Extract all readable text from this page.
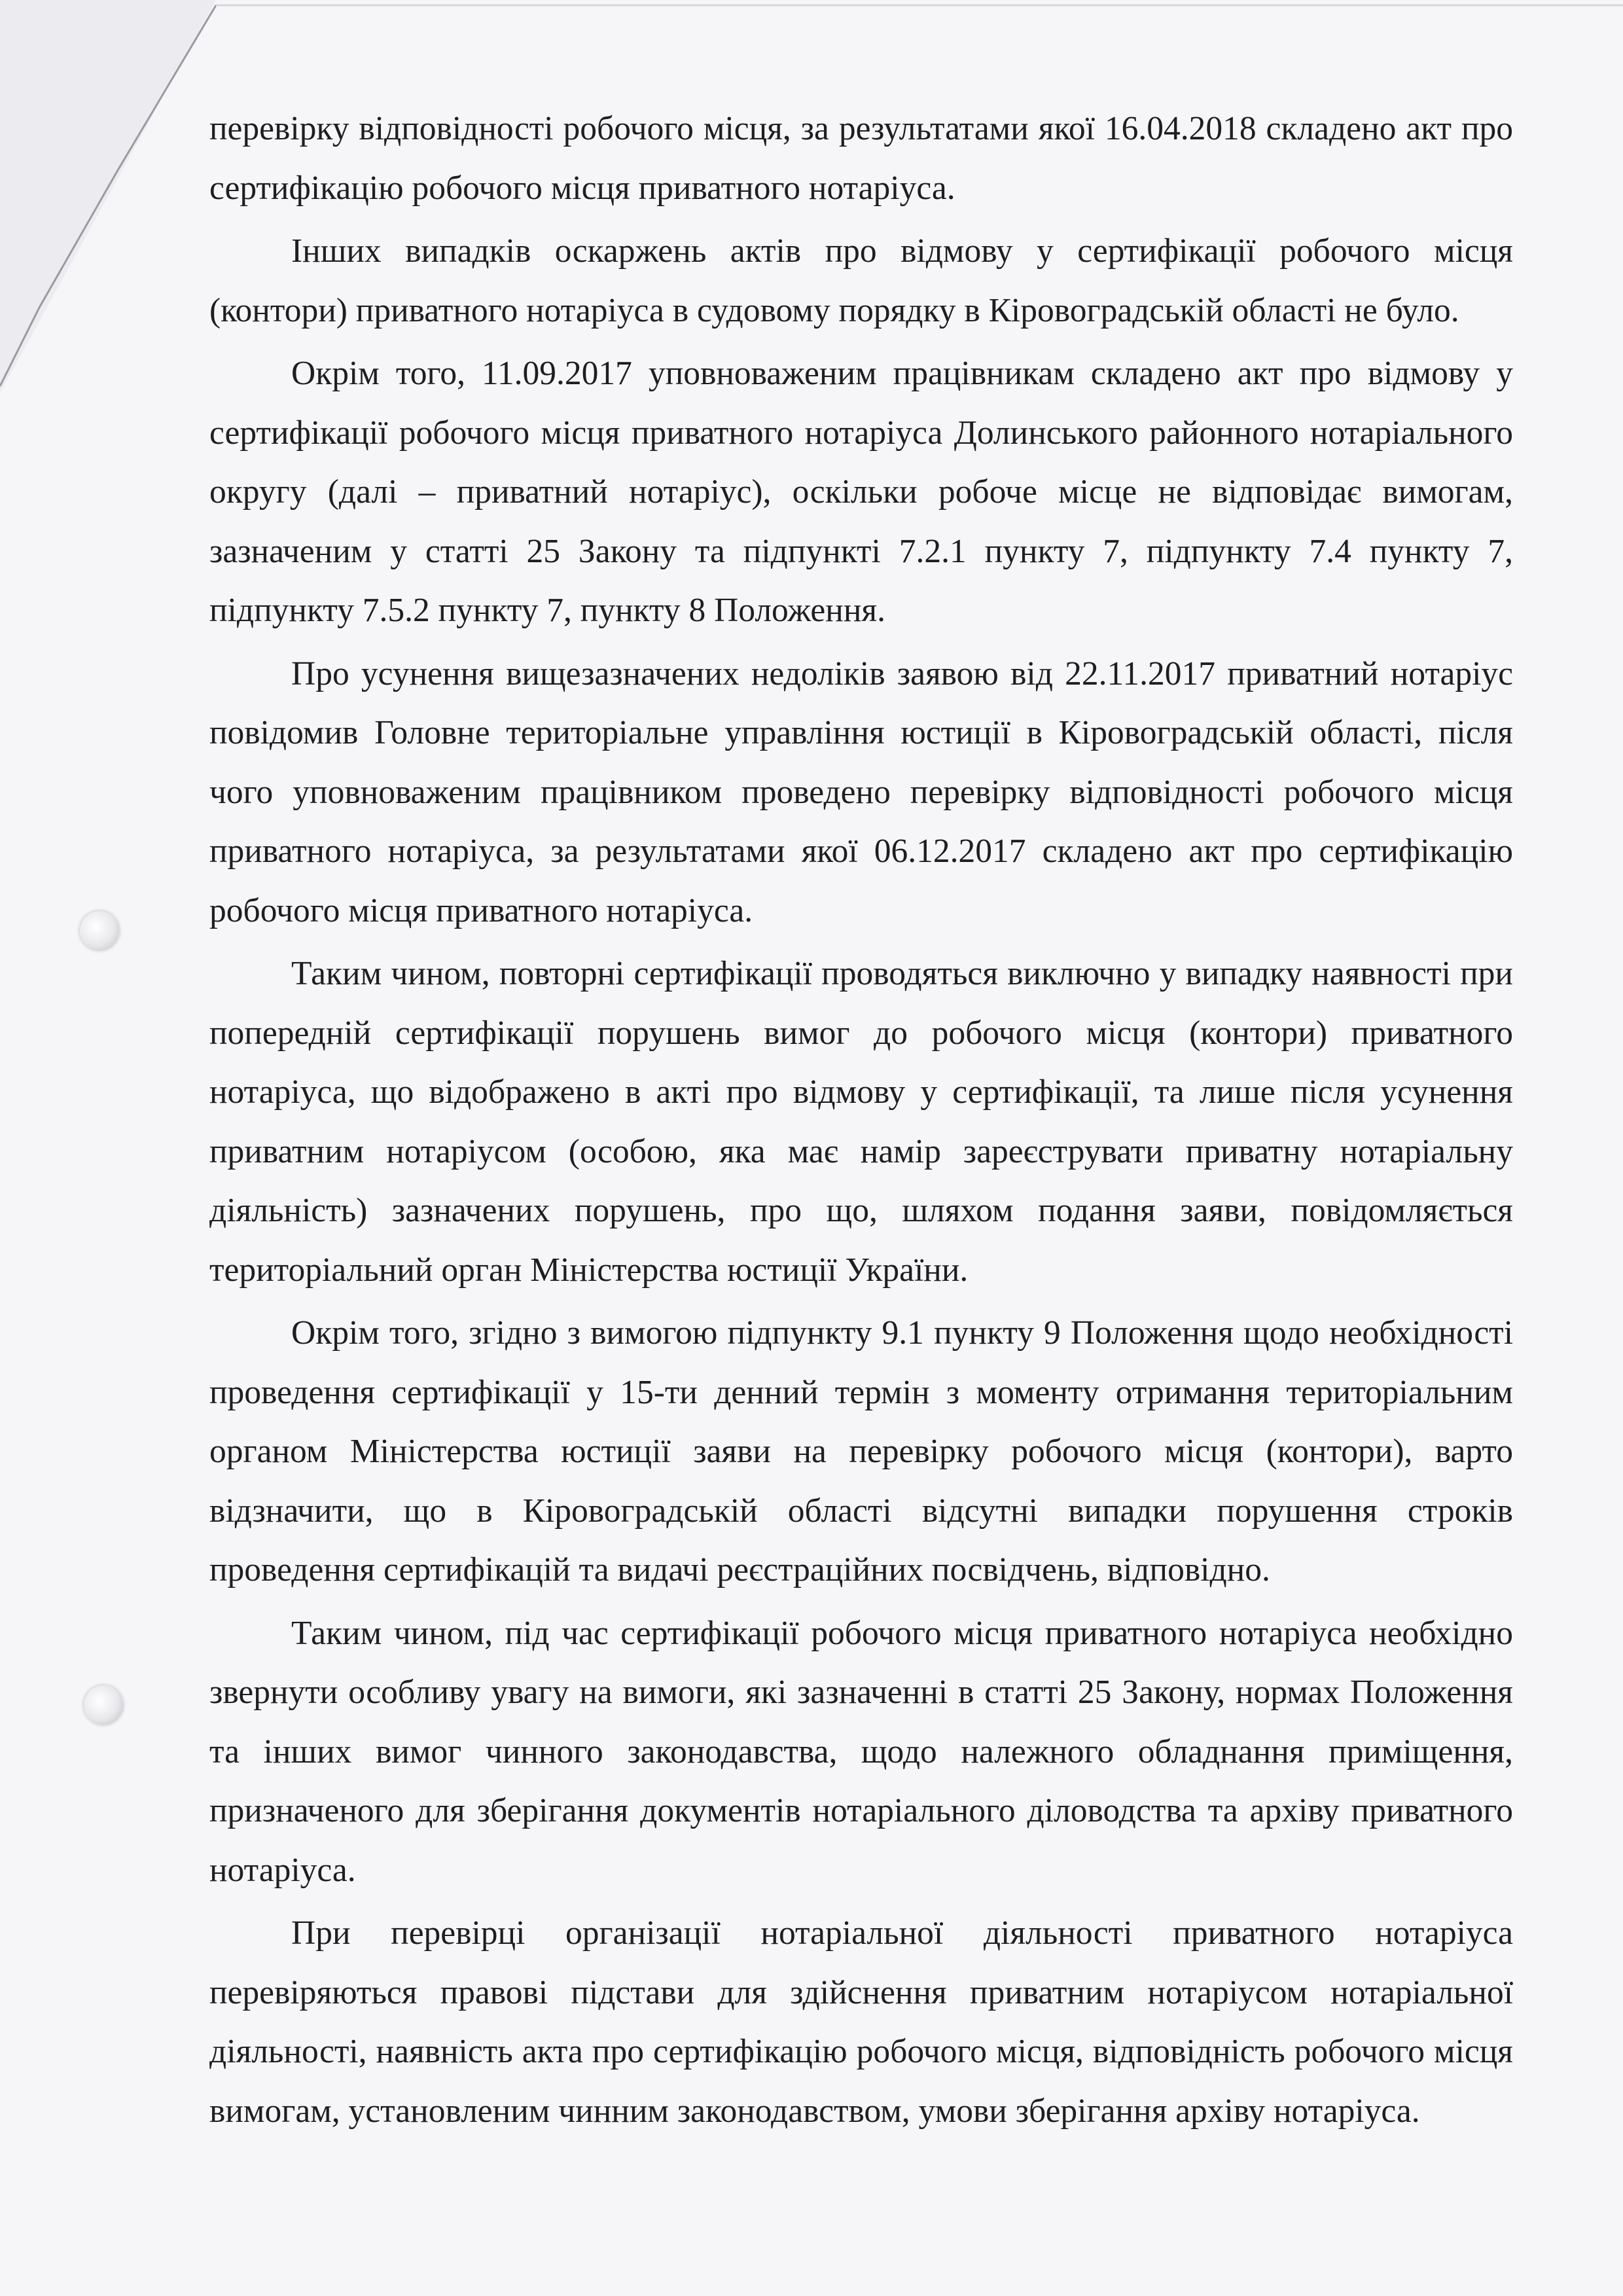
перевірку відповідності робочого місця, за результатами якої 16.04.2018 складено акт про сертифікацію робочого місця приватного нотаріуса.

Інших випадків оскаржень актів про відмову у сертифікації робочого місця (контори) приватного нотаріуса в судовому порядку в Кіровоградській області не було.

Окрім того, 11.09.2017 уповноваженим працівникам складено акт про відмову у сертифікації робочого місця приватного нотаріуса Долинського районного нотаріального округу (далі – приватний нотаріус), оскільки робоче місце не відповідає вимогам, зазначеним у статті 25 Закону та підпункті 7.2.1 пункту 7, підпункту 7.4 пункту 7, підпункту 7.5.2 пункту 7, пункту 8 Положення.

Про усунення вищезазначених недоліків заявою від 22.11.2017 приватний нотаріус повідомив Головне територіальне управління юстиції в Кіровоградській області, після чого уповноваженим працівником проведено перевірку відповідності робочого місця приватного нотаріуса, за результатами якої 06.12.2017 складено акт про сертифікацію робочого місця приватного нотаріуса.

Таким чином, повторні сертифікації проводяться виключно у випадку наявності при попередній сертифікації порушень вимог до робочого місця (контори) приватного нотаріуса, що відображено в акті про відмову у сертифікації, та лише після усунення приватним нотаріусом (особою, яка має намір зареєструвати приватну нотаріальну діяльність) зазначених порушень, про що, шляхом подання заяви, повідомляється територіальний орган Міністерства юстиції України.

Окрім того, згідно з вимогою підпункту 9.1 пункту 9 Положення щодо необхідності проведення сертифікації у 15-ти денний термін з моменту отримання територіальним органом Міністерства юстиції заяви на перевірку робочого місця (контори), варто відзначити, що в Кіровоградській області відсутні випадки порушення строків проведення сертифікацій та видачі реєстраційних посвідчень, відповідно.

Таким чином, під час сертифікації робочого місця приватного нотаріуса необхідно звернути особливу увагу на вимоги, які зазначенні в статті 25 Закону, нормах Положення та інших вимог чинного законодавства, щодо належного обладнання приміщення, призначеного для зберігання документів нотаріального діловодства та архіву приватного нотаріуса.

При перевірці організації нотаріальної діяльності приватного нотаріуса перевіряються правові підстави для здійснення приватним нотаріусом нотаріальної діяльності, наявність акта про сертифікацію робочого місця, відповідність робочого місця вимогам, установленим чинним законодавством, умови зберігання архіву нотаріуса.
